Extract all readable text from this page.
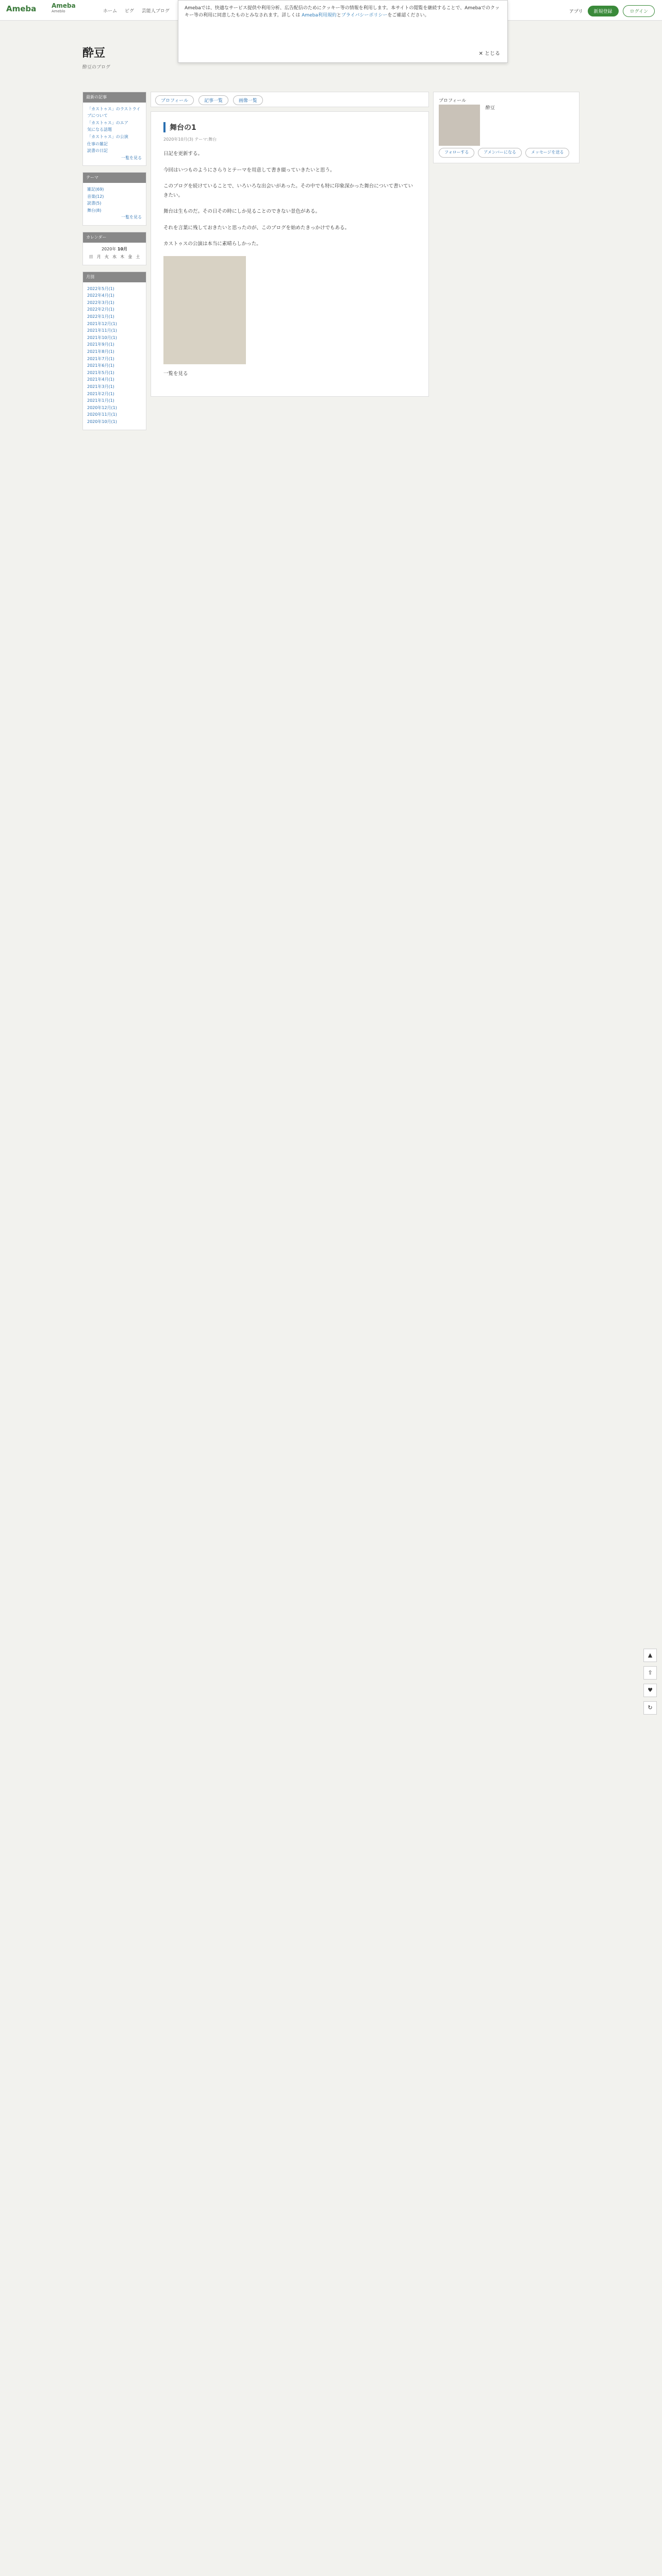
Ameba Ameba
Ameblo	ホーム ピグ 芸能人ブログ	アプリ 新規登録	ログイン
Amebaでは、快適なサービス提供や利用分析、広告配信のためにクッキー等の情報を利用します。本サイトの閲覧を継続することで、Amebaでのクッキー等の利用に同意したものとみなされます。詳しくは Ameba利用規約とプライバシーポリシーをご確認ください。
✕ とじる
酔豆
酔豆のブログ
最新の記事
「カストゥス」のラストライブについて
「カストゥス」のエア
気になる話題
「カストゥス」の公演
仕事の雑記
読書の日記
一覧を見る
テーマ
雑記(69)
音楽(12)
読書(5)
舞台(8)
一覧を見る
カレンダー
2020年 10月
日	月	火	水	木	金	土
月別
2022年5月(1)
2022年4月(1)
2022年3月(1)
2022年2月(1)
2022年1月(1)
2021年12月(1)
2021年11月(1)
2021年10月(1)
2021年9月(1)
2021年8月(1)
2021年7月(1)
2021年6月(1)
2021年5月(1)
2021年4月(1)
2021年3月(1)
2021年2月(1)
2021年1月(1)
2020年12月(1)
2020年11月(1)
2020年10月(1)
プロフィール	記事一覧	画像一覧
舞台の1
2020年10月(3) テーマ:舞台

日記を更新する。

今回はいつものようにさらりとテーマを用意して書き綴っていきたいと思う。

このブログを続けていることで、いろいろな出会いがあった。その中でも特に印象深かった舞台について書いていきたい。

舞台は生ものだ。その日その時にしか見ることのできない景色がある。

それを言葉に残しておきたいと思ったのが、このブログを始めたきっかけでもある。

カストゥスの公演は本当に素晴らしかった。

一覧を見る

プロフィール

酔豆
フォローする	アメンバーになる	メッセージを送る
▲
⇪
♥
↻
